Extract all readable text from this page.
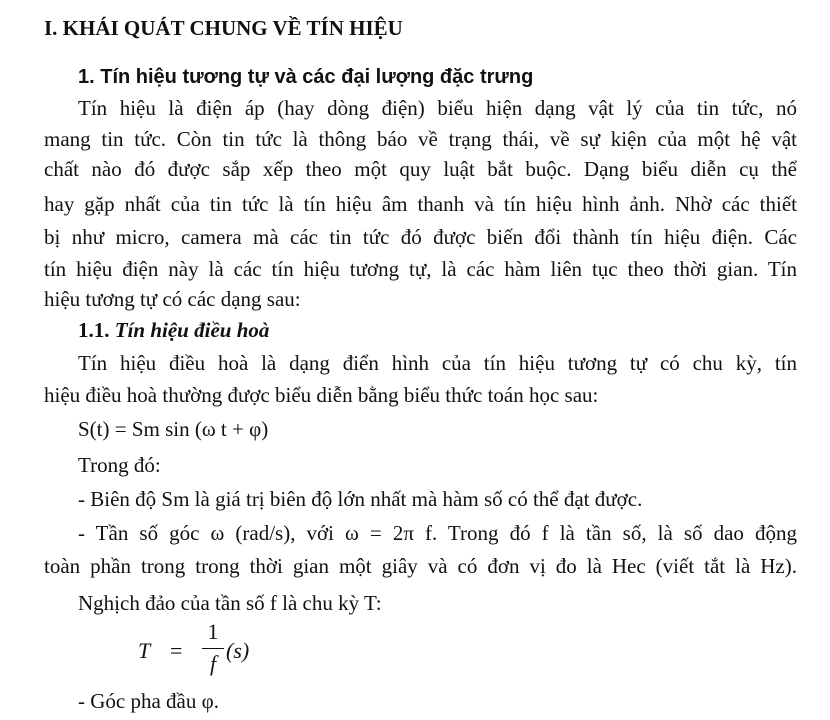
I. KHÁI QUÁT CHUNG VỀ TÍN HIỆU
1. Tín hiệu tương tự và các đại lượng đặc trưng
Tín hiệu là điện áp (hay dòng điện) biểu hiện dạng vật lý của tin tức, nó
mang tin tức. Còn tin tức là thông báo về trạng thái, về sự kiện của một hệ vật
chất nào đó được sắp xếp theo một quy luật bắt buộc. Dạng biểu diễn cụ thể
hay gặp nhất của tin tức là tín hiệu âm thanh và tín hiệu hình ảnh. Nhờ các thiết
bị như micro, camera mà các tin tức đó được biến đổi thành tín hiệu điện. Các
tín hiệu điện này là các tín hiệu tương tự, là các hàm liên tục theo thời gian. Tín
hiệu tương tự có các dạng sau:
1.1. Tín hiệu điều hoà
Tín hiệu điều hoà là dạng điển hình của tín hiệu tương tự có chu kỳ, tín
hiệu điều hoà thường được biểu diễn bằng biểu thức toán học sau:
S(t) = Sm sin (ω t + φ)
Trong đó:
- Biên độ Sm là giá trị biên độ lớn nhất mà hàm số có thể đạt được.
- Tần số góc ω (rad/s), với ω = 2π f. Trong đó f là tần số, là số dao động
toàn phần trong trong thời gian một giây và có đơn vị đo là Hec (viết tắt là Hz).
Nghịch đảo của tần số f là chu kỳ T:
T =
1
f
(s)
- Góc pha đầu φ.
